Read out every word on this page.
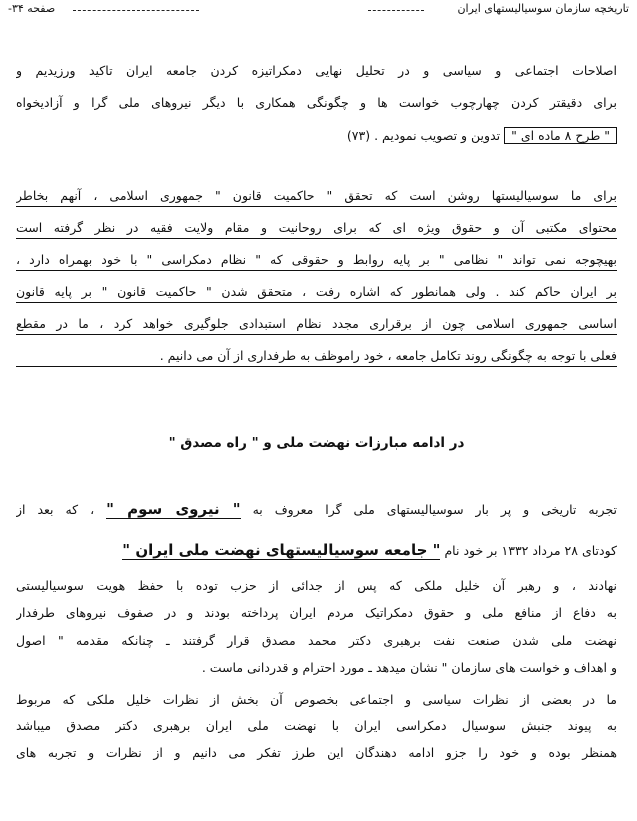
تاریخچه سازمان سوسیالیستهای ایران
صفحه ۳۴-
اصلاحات اجتماعی و سیاسی و در تحلیل نهایی دمکراتیزه کردن جامعه ایران تاکید ورزیدیم و
برای دقیقتر کردن چهارچوب خواست ها و چگونگی همکاری با دیگر نیروهای ملی گرا و آزادیخواه
" طرح ۸ ماده ای " تدوین و تصویب نمودیم . (۷۳)
برای ما سوسیالیستها روشن است که تحقق " حاکمیت قانون " جمهوری اسلامی ، آنهم بخاطر
محتوای مکتبی آن و حقوق ویژه ای که برای روحانیت و مقام ولایت فقیه در نظر گرفته است
بهیچوجه نمی تواند " نظامی " بر پایه روابط و حقوقی که " نظام دمکراسی " با خود بهمراه دارد ،
بر ایران حاکم کند . ولی همانطور که اشاره رفت ، متحقق شدن " حاکمیت قانون " بر پایه قانون
اساسی جمهوری اسلامی چون از برقراری مجدد نظام استبدادی جلوگیری خواهد کرد ، ما در مقطع
فعلی با توجه به چگونگی روند تکامل جامعه ، خود راموظف به طرفداری از آن می دانیم .
در ادامه مبارزات نهضت ملی و " راه مصدق "
تجربه تاریخی و پر بار سوسیالیستهای ملی گرا معروف به " نیروی سوم " ، که بعد از
کودتای ۲۸ مرداد ۱۳۳۲ بر خود نام " جامعه سوسیالیستهای نهضت ملی ایران "
نهادند ، و رهبر آن خلیل ملکی که پس از جدائی از حزب توده با حفظ هویت سوسیالیستی
به دفاع از منافع ملی و حقوق دمکراتیک مردم ایران پرداخته بودند و در صفوف نیروهای طرفدار
نهضت ملی شدن صنعت نفت برهبری دکتر محمد مصدق قرار گرفتند ـ چنانکه مقدمه " اصول
و اهداف و خواست های سازمان " نشان میدهد ـ مورد احترام و قدردانی ماست .
ما در بعضی از نظرات سیاسی و اجتماعی بخصوص آن بخش از نظرات خلیل ملکی که مربوط
به پیوند جنبش سوسیال دمکراسی ایران با نهضت ملی ایران برهبری دکتر مصدق میباشد
همنظر بوده و خود را جزو ادامه دهندگان این طرز تفکر می دانیم و از نظرات و تجربه های
